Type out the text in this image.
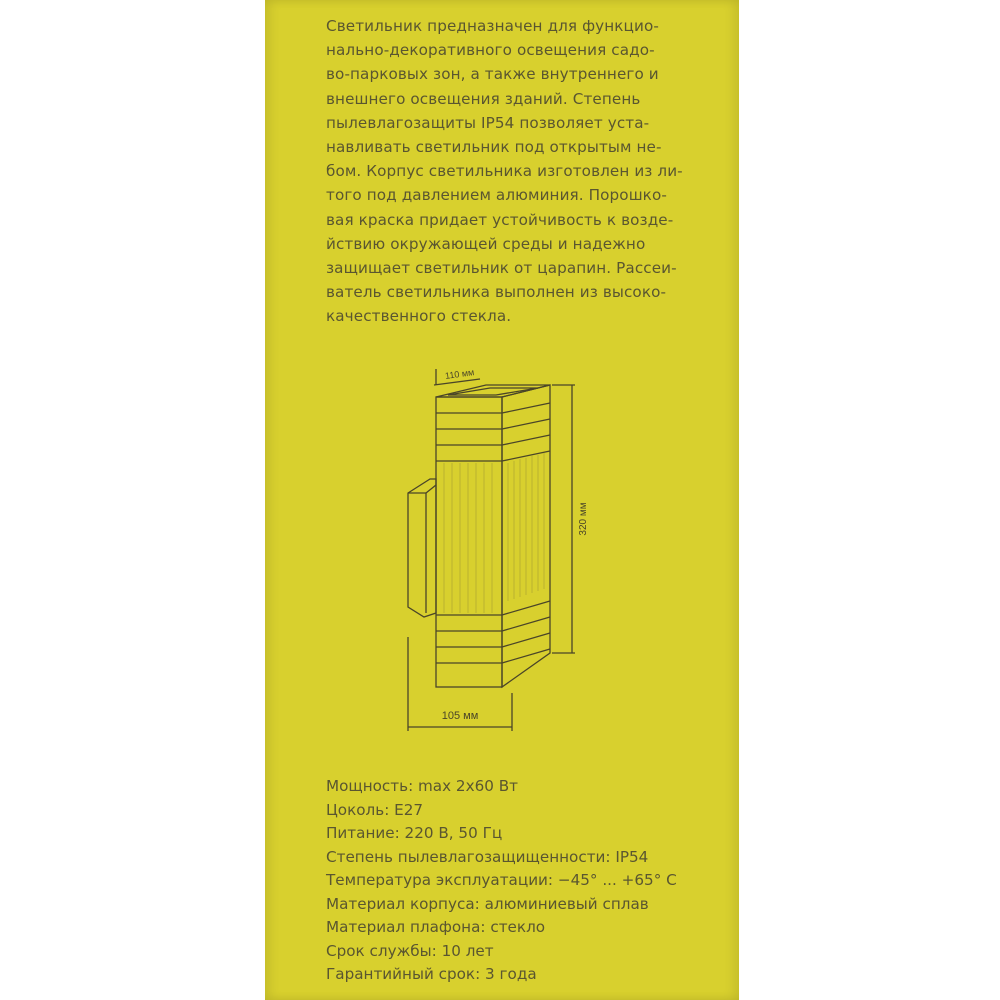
Светильник предназначен для функцио-
нально-декоративного освещения садо-
во-парковых зон, а также внутреннего и
внешнего освещения зданий. Степень
пылевлагозащиты IP54 позволяет уста-
навливать светильник под открытым не-
бом. Корпус светильника изготовлен из ли-
того под давлением алюминия. Порошко-
вая краска придает устойчивость к возде-
йствию окружающей среды и надежно
защищает светильник от царапин. Рассеи-
ватель светильника выполнен из высоко-
качественного стекла.

110 мм
320 мм
105 мм
Мощность: max 2x60 Вт
Цоколь: E27
Питание: 220 В, 50 Гц
Степень пылевлагозащищенности: IP54
Температура эксплуатации: −45° ... +65° С
Материал корпуса: алюминиевый сплав
Материал плафона: стекло
Срок службы: 10 лет
Гарантийный срок: 3 года
